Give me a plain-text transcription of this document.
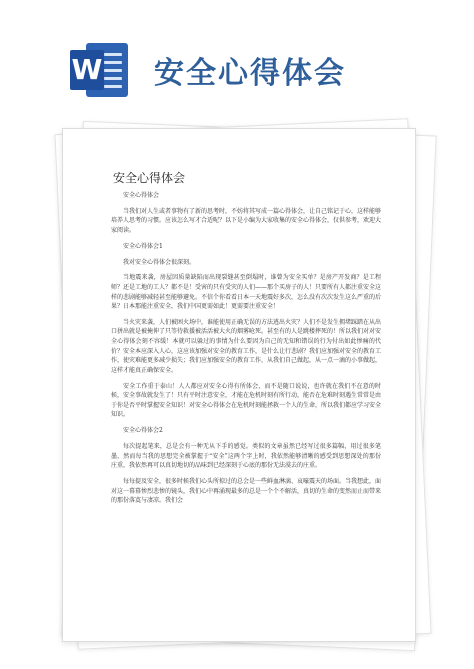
W 安全心得体会
安全心得体会

安全心得体会

当我们对人生或者事物有了新的思考时，不妨将其写成一篇心得体会，让自己铭记于心，这样能够培养人思考的习惯。应该怎么写才合适呢？以下是小编为大家收集的安全心得体会，仅供参考，欢迎大家阅读。

安全心得体会1

我对安全心得体会很深刻。

当地震来袭，房屋因质量缺陷而出现裂缝甚至倒塌时，谁曾为安全买单？是房产开发商？是工程师？还是工地的工人？都不是！受害的只有受灾的人们——那个买房子的人！只要所有人都注重安全这样的悲剧能够减轻甚至能够避免。不信个你看看日本一天地震好多次，怎么没有次次发生这么严重的后果？日本那能注重安全，我们中国更需如此！更需要注重安全！

当火灾来袭，人们被困火场中，谁能使用正确无误的方法逃出火灾？人们不是发生拥堵踩踏在从出口拼出就是被掩伸了只等待救援被活活被大火的烟雾呛死。甚至有的人是跳楼摔死的！所以我们对对安全心得体会刻不容缓！本就可以躲过的事情为什么要因为自己的无知和错误的行为付出如此惨痛的代价？安全本应深入人心，这应该加强对安全的教育工作，是什么让行悲剧？我们应加强对安全的教育工作，使灾难能更多减少损失；我们应加强安全的教育工作，从我们自己做起，从一点一滴的小事做起，这样才能真正确保安全。

安全工作重于泰山！人人都应对安全心得有所体会，而不是随口说说，也许就在我们不在意的时候，安全事故就发生了！只有平时注意安全，才能在危机时刻有所行动，能否在危难时刻遇生常常是由于你是否平时掌握安全知识！对安全心得体会在危机时刻能拯救一个人的生命，所以我们都应学习安全知识。

安全心得体会2

每次提起笔来，总是会有一种无从下手的感觉。类似的文章虽然已经写过很多篇幅，用过很多笔墨，然而每当我的思想完全被掌握于“安全”这两个字上时，我依然能够清晰的感受到思想深处的那份庄重，我依然再可以真切地切的品味到已经深刻于心底的那份无法漠去的庄重。

每每提及安全，很多时候我们心头所掠过的总会是一些鲜血淋漓、哀嚎震天的场面。当我想此，面对这一幕幕惨烈悲惨的镜头，我们心中再涌现最多的总是一个个不解活，真切的生命的变然而止而带来的那份落寞与凄凉。我们会
